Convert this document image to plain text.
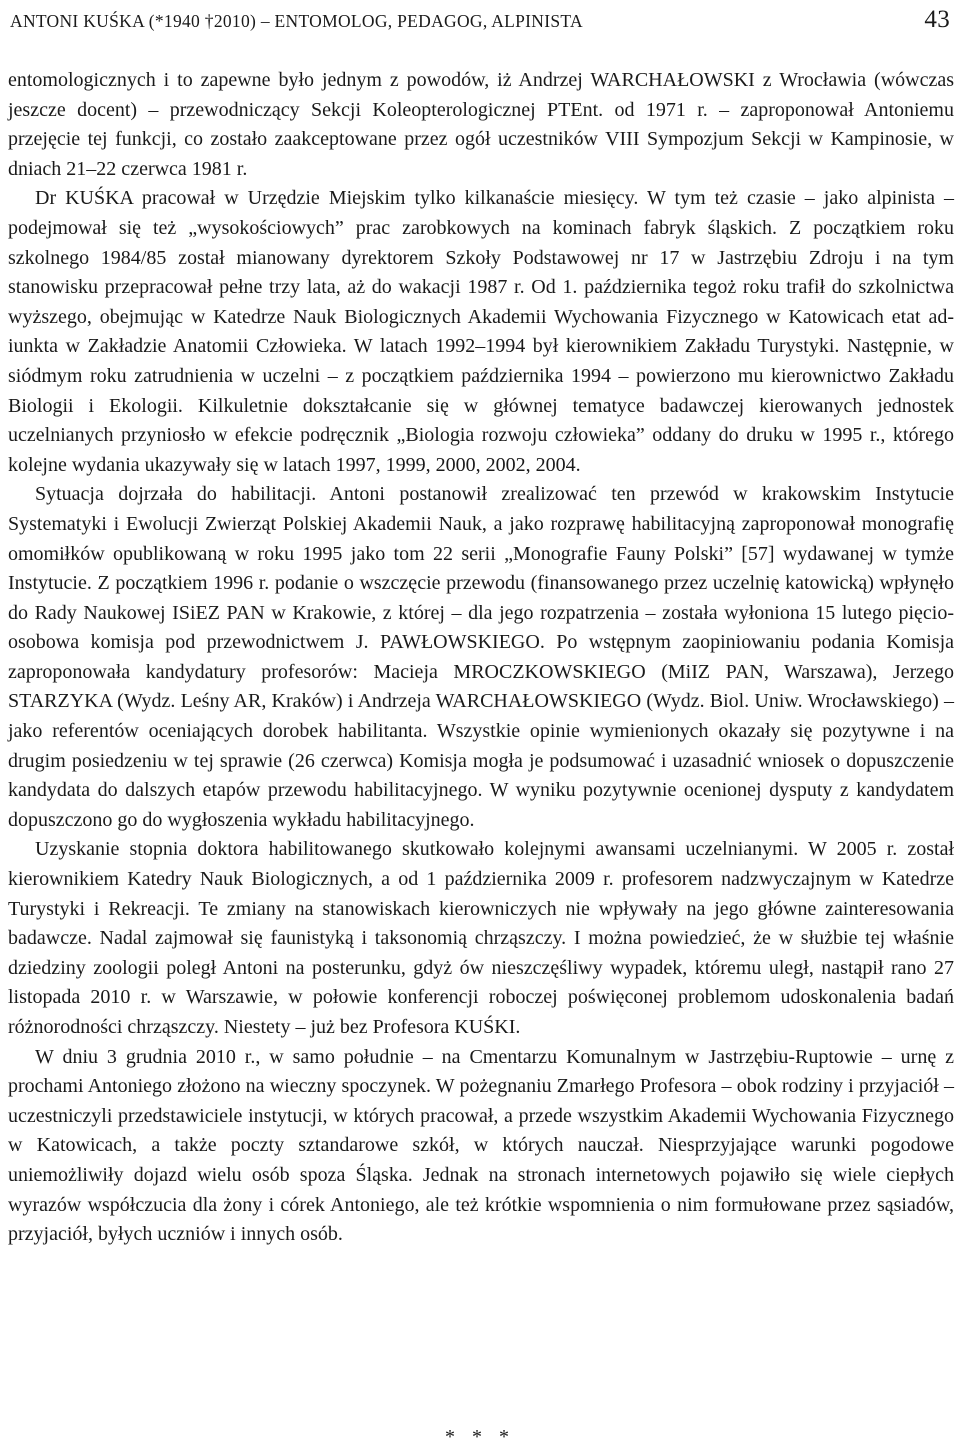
ANTONI KUŚKA (*1940 †2010) – ENTOMOLOG, PEDAGOG, ALPINISTA	43

entomologicznych i to zapewne było jednym z powodów, iż Andrzej WARCHAŁOWSKI z Wrocławia (wówczas jeszcze docent) – przewodniczący Sekcji Koleopterologicznej PTEnt. od 1971 r. – zaproponował Antoniemu przejęcie tej funkcji, co zostało zaakceptowane przez ogół uczestników VIII Sympozjum Sekcji w Kampinosie, w dniach 21–22 czerwca 1981 r.

Dr KUŚKA pracował w Urzędzie Miejskim tylko kilkanaście miesięcy. W tym też czasie – jako alpinista – podejmował się też „wysokościowych” prac zarobkowych na kominach fabryk śląskich. Z początkiem roku szkolnego 1984/85 został mianowany dyrektorem Szkoły Podstawowej nr 17 w Jastrzębiu Zdroju i na tym stanowisku przepracował pełne trzy lata, aż do wakacji 1987 r. Od 1. października tegoż roku trafił do szkolnictwa wyższego, obejmując w Katedrze Nauk Biologicznych Akademii Wychowania Fizycznego w Katowicach etat adiunkta w Zakładzie Anatomii Człowieka. W latach 1992–1994 był kierownikiem Zakładu Turystyki. Następnie, w siódmym roku zatrudnienia w uczelni – z początkiem października 1994 – powierzono mu kierownictwo Zakładu Biologii i Ekologii. Kilkuletnie dokształcanie się w głównej tematyce badawczej kierowanych jednostek uczelnianych przyniosło w efekcie podręcznik „Biologia rozwoju człowieka” oddany do druku w 1995 r., którego kolejne wydania ukazywały się w latach 1997, 1999, 2000, 2002, 2004.

Sytuacja dojrzała do habilitacji. Antoni postanowił zrealizować ten przewód w krakowskim Instytucie Systematyki i Ewolucji Zwierząt Polskiej Akademii Nauk, a jako rozprawę habilitacyjną zaproponował monografię omomiłków opublikowaną w roku 1995 jako tom 22 serii „Monografie Fauny Polski” [57] wydawanej w tymże Instytucie. Z początkiem 1996 r. podanie o wszczęcie przewodu (finansowanego przez uczelnię katowicką) wpłynęło do Rady Naukowej ISiEZ PAN w Krakowie, z której – dla jego rozpatrzenia – została wyłoniona 15 lutego pięcioosobowa komisja pod przewodnictwem J. PAWŁOWSKIEGO. Po wstępnym zaopiniowaniu podania Komisja zaproponowała kandydatury profesorów: Macieja MROCZKOWSKIEGO (MiIZ PAN, Warszawa), Jerzego STARZYKA (Wydz. Leśny AR, Kraków) i Andrzeja WARCHAŁOWSKIEGO (Wydz. Biol. Uniw. Wrocławskiego) – jako referentów oceniających dorobek habilitanta. Wszystkie opinie wymienionych okazały się pozytywne i na drugim posiedzeniu w tej sprawie (26 czerwca) Komisja mogła je podsumować i uzasadnić wniosek o dopuszczenie kandydata do dalszych etapów przewodu habilitacyjnego. W wyniku pozytywnie ocenionej dysputy z kandydatem dopuszczono go do wygłoszenia wykładu habilitacyjnego.

Uzyskanie stopnia doktora habilitowanego skutkowało kolejnymi awansami uczelnianymi. W 2005 r. został kierownikiem Katedry Nauk Biologicznych, a od 1 października 2009 r. profesorem nadzwyczajnym w Katedrze Turystyki i Rekreacji. Te zmiany na stanowiskach kierowniczych nie wpływały na jego główne zainteresowania badawcze. Nadal zajmował się faunistyką i taksonomią chrząszczy. I można powiedzieć, że w służbie tej właśnie dziedziny zoologii poległ Antoni na posterunku, gdyż ów nieszczęśliwy wypadek, któremu uległ, nastąpił rano 27 listopada 2010 r. w Warszawie, w połowie konferencji roboczej poświęconej problemom udoskonalenia badań różnorodności chrząszczy. Niestety – już bez Profesora KUŚKI.

W dniu 3 grudnia 2010 r., w samo południe – na Cmentarzu Komunalnym w Jastrzębiu-Ruptowie – urnę z prochami Antoniego złożono na wieczny spoczynek. W pożegnaniu Zmarłego Profesora – obok rodziny i przyjaciół – uczestniczyli przedstawiciele instytucji, w których pracował, a przede wszystkim Akademii Wychowania Fizycznego w Katowicach, a także poczty sztandarowe szkół, w których nauczał. Niesprzyjające warunki pogodowe uniemożliwiły dojazd wielu osób spoza Śląska. Jednak na stronach internetowych pojawiło się wiele ciepłych wyrazów współczucia dla żony i córek Antoniego, ale też krótkie wspomnienia o nim formułowane przez sąsiadów, przyjaciół, byłych uczniów i innych osób.

* * *
